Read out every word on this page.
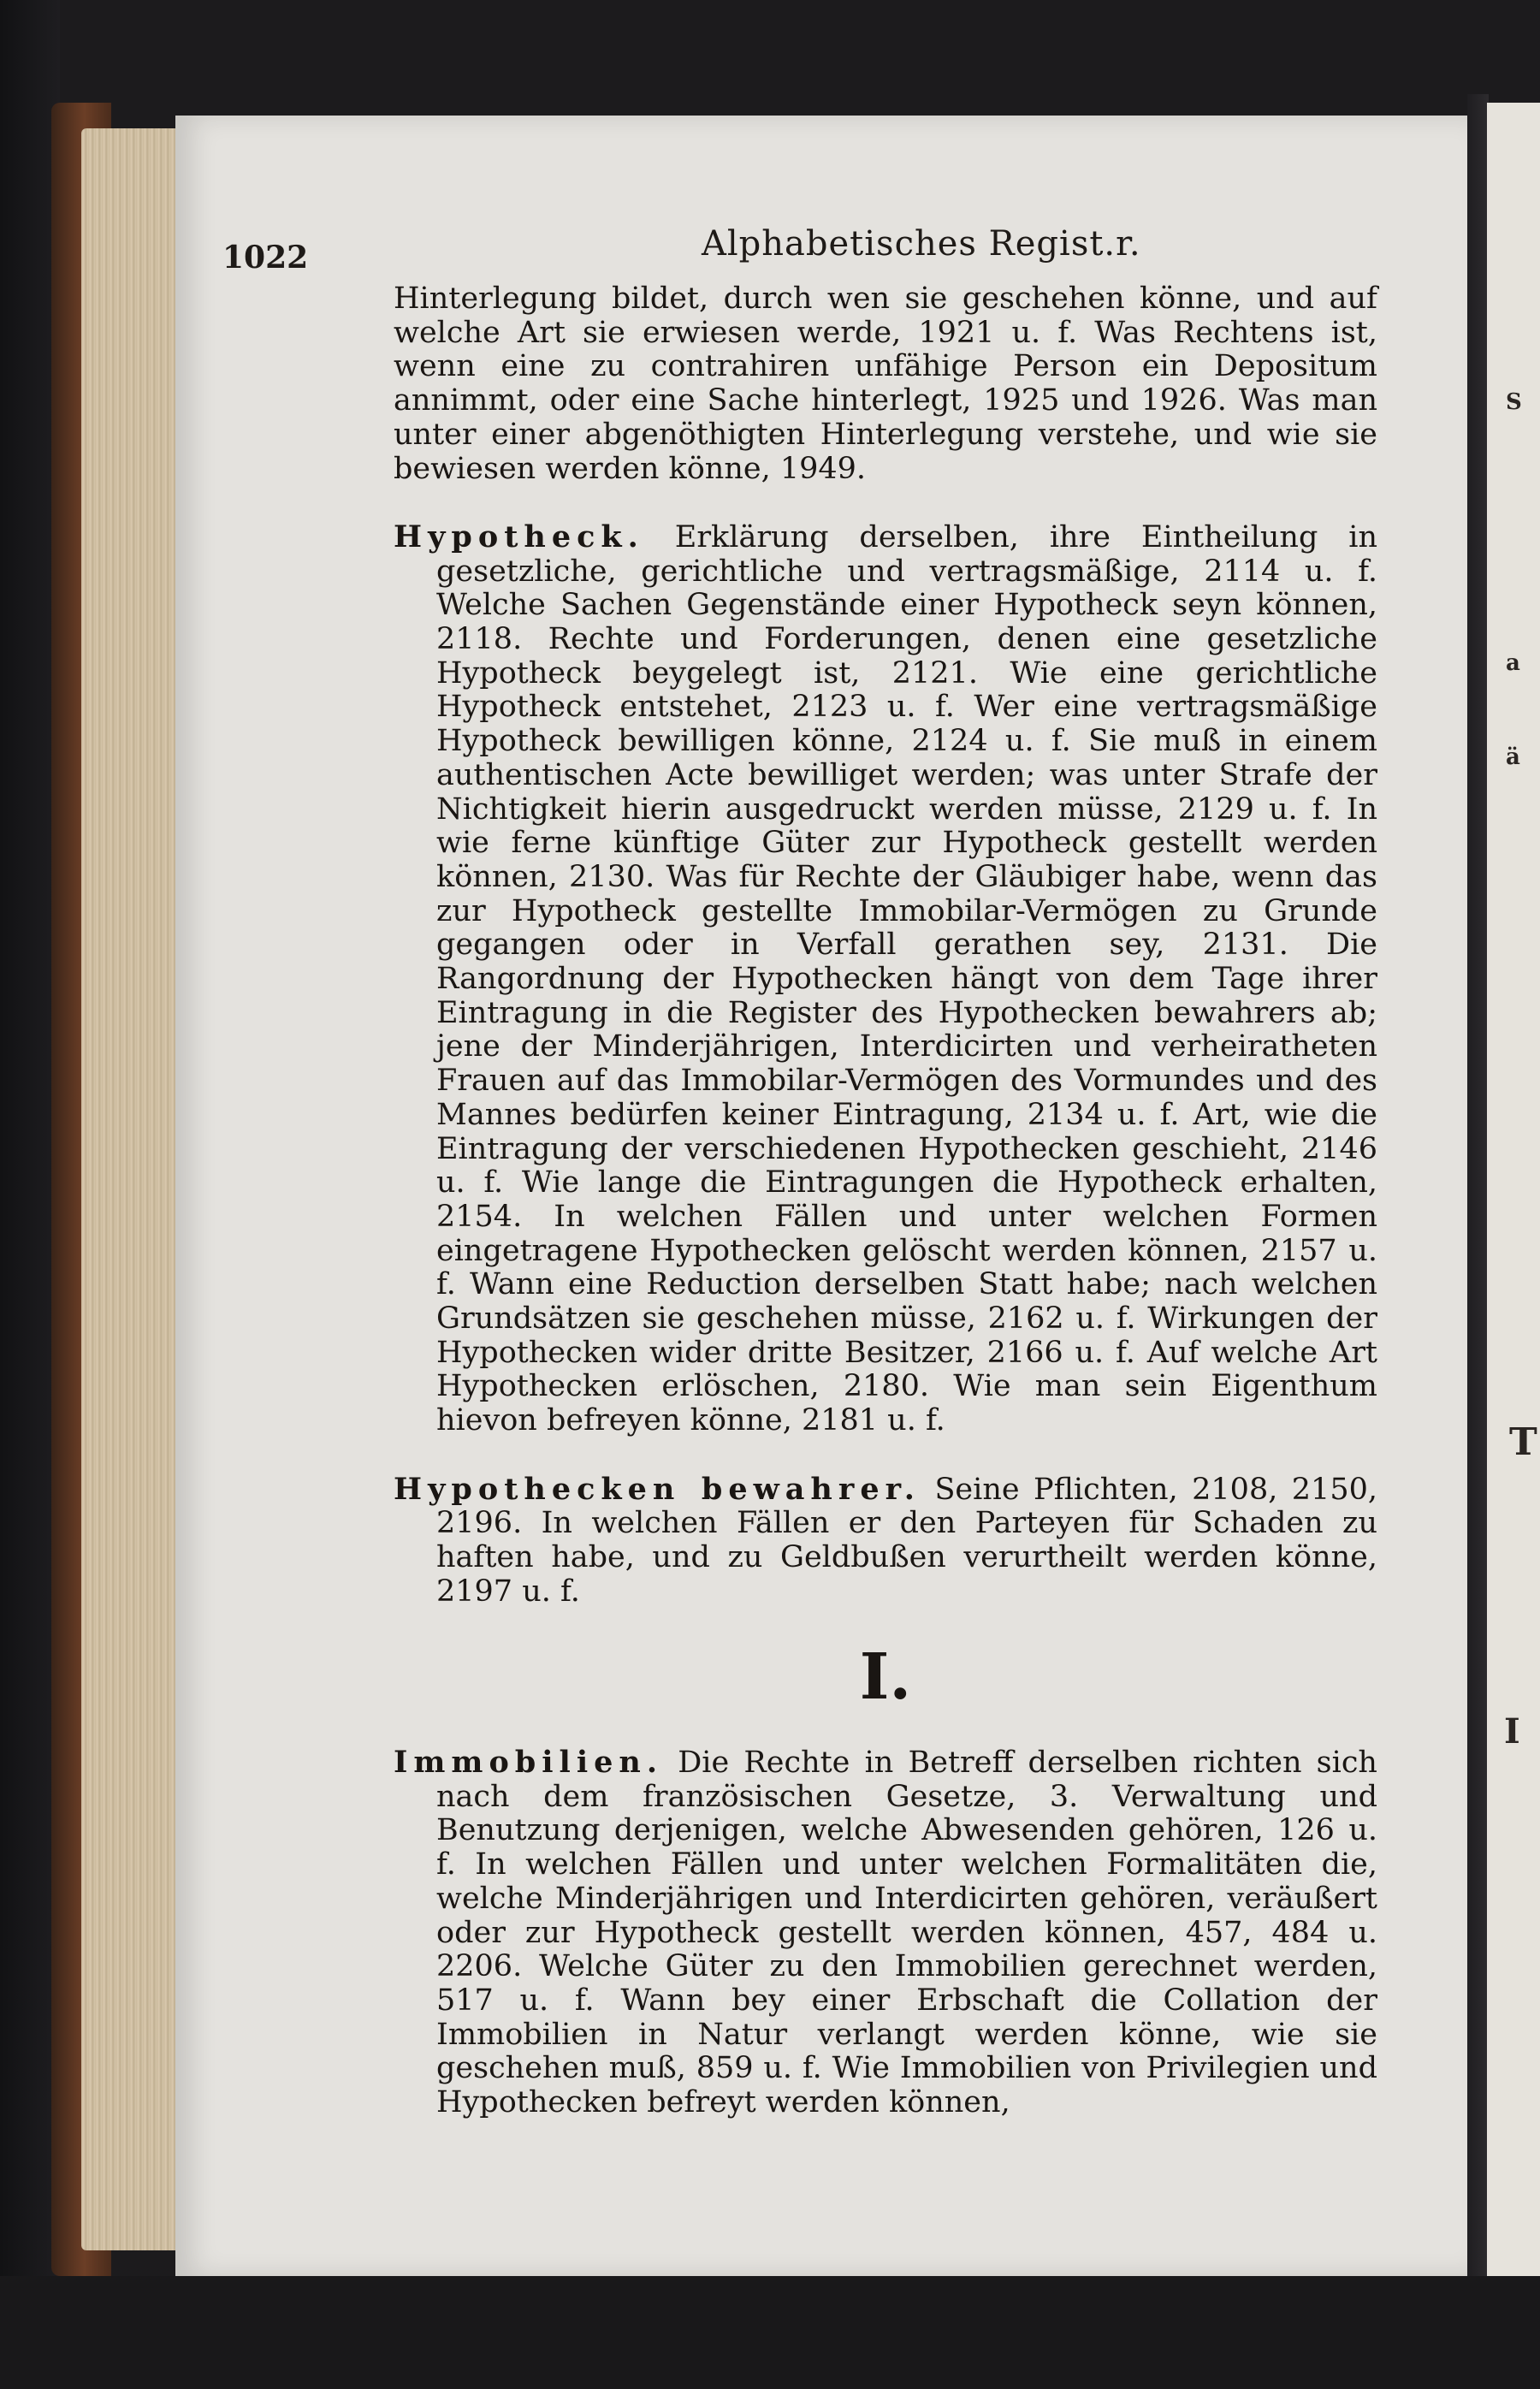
S
a
ä
T
I
1022	Alphabetisches Regist.r.

Hinterlegung bildet, durch wen sie geschehen könne, und auf welche Art sie erwiesen werde, 1921 u. f. Was Rechtens ist, wenn eine zu contrahiren unfähige Person ein Depositum annimmt, oder eine Sache hinterlegt, 1925 und 1926. Was man unter einer abgenöthigten Hinterlegung verstehe, und wie sie bewiesen werden könne, 1949.

Hypotheck. Erklärung derselben, ihre Eintheilung in gesetzliche, gerichtliche und vertragsmäßige, 2114 u. f. Welche Sachen Gegenstände einer Hypotheck seyn können, 2118. Rechte und Forderungen, denen eine gesetzliche Hypotheck beygelegt ist, 2121. Wie eine gerichtliche Hypotheck entstehet, 2123 u. f. Wer eine vertragsmäßige Hypotheck bewilligen könne, 2124 u. f. Sie muß in einem authentischen Acte bewilliget werden; was unter Strafe der Nichtigkeit hierin ausgedruckt werden müsse, 2129 u. f. In wie ferne künftige Güter zur Hypotheck gestellt werden können, 2130. Was für Rechte der Gläubiger habe, wenn das zur Hypotheck gestellte Immobilar-Vermögen zu Grunde gegangen oder in Verfall gerathen sey, 2131. Die Rangordnung der Hypothecken hängt von dem Tage ihrer Eintragung in die Register des Hypothecken bewahrers ab; jene der Minderjährigen, Interdicirten und verheiratheten Frauen auf das Immobilar-Vermögen des Vormundes und des Mannes bedürfen keiner Eintragung, 2134 u. f. Art, wie die Eintragung der verschiedenen Hypothecken geschieht, 2146 u. f. Wie lange die Eintragungen die Hypotheck erhalten, 2154. In welchen Fällen und unter welchen Formen eingetragene Hypothecken gelöscht werden können, 2157 u. f. Wann eine Reduction derselben Statt habe; nach welchen Grundsätzen sie geschehen müsse, 2162 u. f. Wirkungen der Hypothecken wider dritte Besitzer, 2166 u. f. Auf welche Art Hypothecken erlöschen, 2180. Wie man sein Eigenthum hievon befreyen könne, 2181 u. f.

Hypothecken bewahrer. Seine Pflichten, 2108, 2150, 2196. In welchen Fällen er den Parteyen für Schaden zu haften habe, und zu Geldbußen verurtheilt werden könne, 2197 u. f.

I.

Immobilien. Die Rechte in Betreff derselben richten sich nach dem französischen Gesetze, 3. Verwaltung und Benutzung derjenigen, welche Abwesenden gehören, 126 u. f. In welchen Fällen und unter welchen Formalitäten die, welche Minderjährigen und Interdicirten gehören, veräußert oder zur Hypotheck gestellt werden können, 457, 484 u. 2206. Welche Güter zu den Immobilien gerechnet werden, 517 u. f. Wann bey einer Erbschaft die Collation der Immobilien in Natur verlangt werden könne, wie sie geschehen muß, 859 u. f. Wie Immobilien von Privilegien und Hypothecken befreyt werden können,
